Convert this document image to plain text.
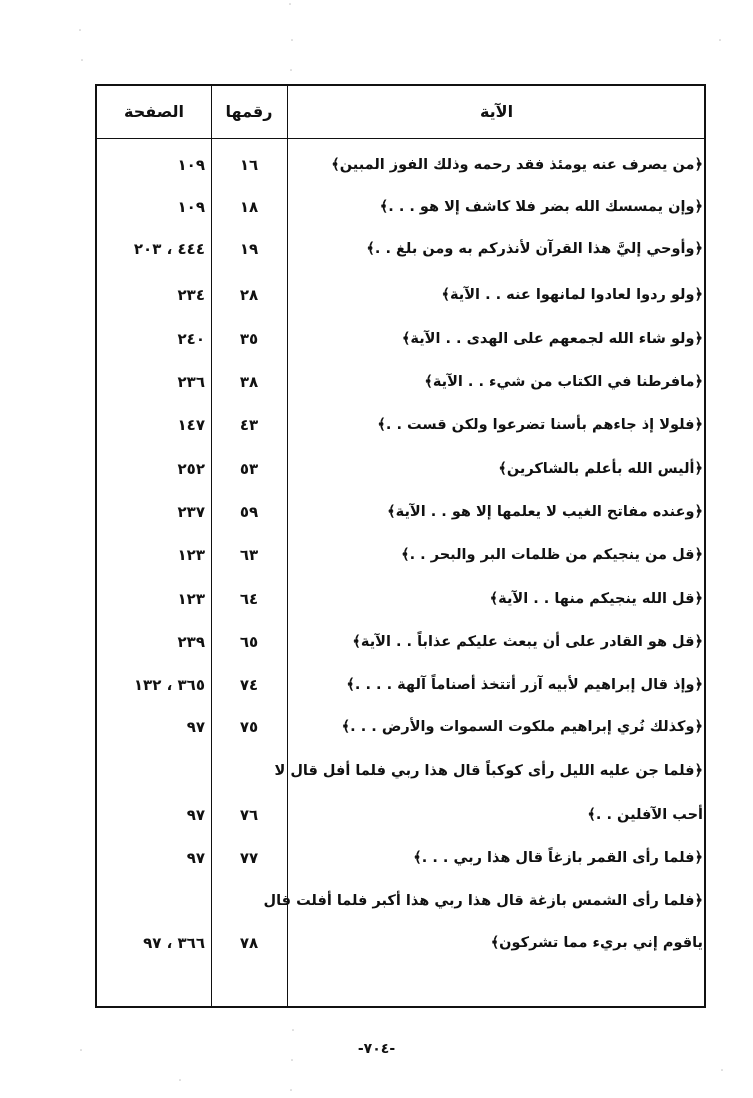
الصفحة	رقمها	الآية
١٠٩	١٦	﴿من يصرف عنه يومئذ فقد رحمه وذلك الفوز المبين﴾
١٠٩	١٨	﴿وإن يمسسك الله بضر فلا كاشف إلا هو . . .﴾
٤٤٤ ، ٢٠٣	١٩	﴿وأوحي إليَّ هذا القرآن لأنذركم به ومن بلغ . .﴾
٢٣٤	٢٨	﴿ولو ردوا لعادوا لمانهوا عنه . . الآية﴾
٢٤٠	٣٥	﴿ولو شاء الله لجمعهم على الهدى . . الآية﴾
٢٣٦	٣٨	﴿مافرطنا في الكتاب من شيء . . الآية﴾
١٤٧	٤٣	﴿فلولا إذ جاءهم بأسنا تضرعوا ولكن قست . .﴾
٢٥٢	٥٣	﴿أليس الله بأعلم بالشاكرين﴾
٢٣٧	٥٩	﴿وعنده مفاتح الغيب لا يعلمها إلا هو . . الآية﴾
١٢٣	٦٣	﴿قل من ينجيكم من ظلمات البر والبحر . .﴾
١٢٣	٦٤	﴿قل الله ينجيكم منها . . الآية﴾
٢٣٩	٦٥	﴿قل هو القادر على أن يبعث عليكم عذاباً . . الآية﴾
٣٦٥ ، ١٣٢	٧٤	﴿وإذ قال إبراهيم لأبيه آزر أتتخذ أصناماً آلهة . . . .﴾
٩٧	٧٥	﴿وكذلك نُري إبراهيم ملكوت السموات والأرض . . .﴾
﴿فلما جن عليه الليل رأى كوكباً قال هذا ربي فلما أفل قال لا
٩٧	٧٦	أحب الآفلين . .﴾
٩٧	٧٧	﴿فلما رأى القمر بازغاً قال هذا ربي . . .﴾
﴿فلما رأى الشمس بازغة قال هذا ربي هذا أكبر فلما أفلت قال
٣٦٦ ، ٩٧	٧٨	ياقوم إني بريء مما تشركون﴾
-٧٠٤-
